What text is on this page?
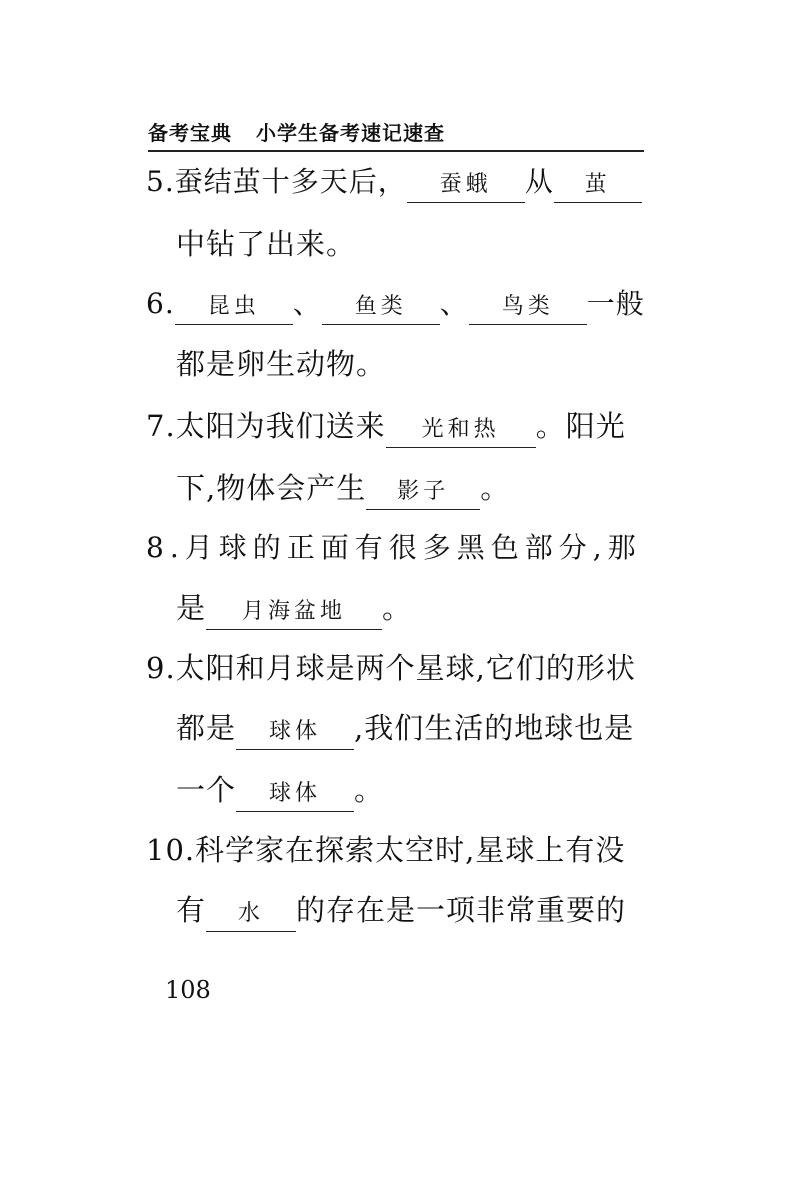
备考宝典 小学生备考速记速查
5.蚕结茧十多天后， 蚕蛾 从 茧
中钻了出来。
6. 昆虫 、 鱼类 、 鸟类 一般
都是卵生动物。
7.太阳为我们送来 光和热 。阳光
下,物体会产生 影子 。
8.月球的正面有很多黑色部分,那
是 月海盆地 。
9.太阳和月球是两个星球,它们的形状
都是 球体 ,我们生活的地球也是
一个 球体 。
10.科学家在探索太空时,星球上有没
有 水 的存在是一项非常重要的
108
